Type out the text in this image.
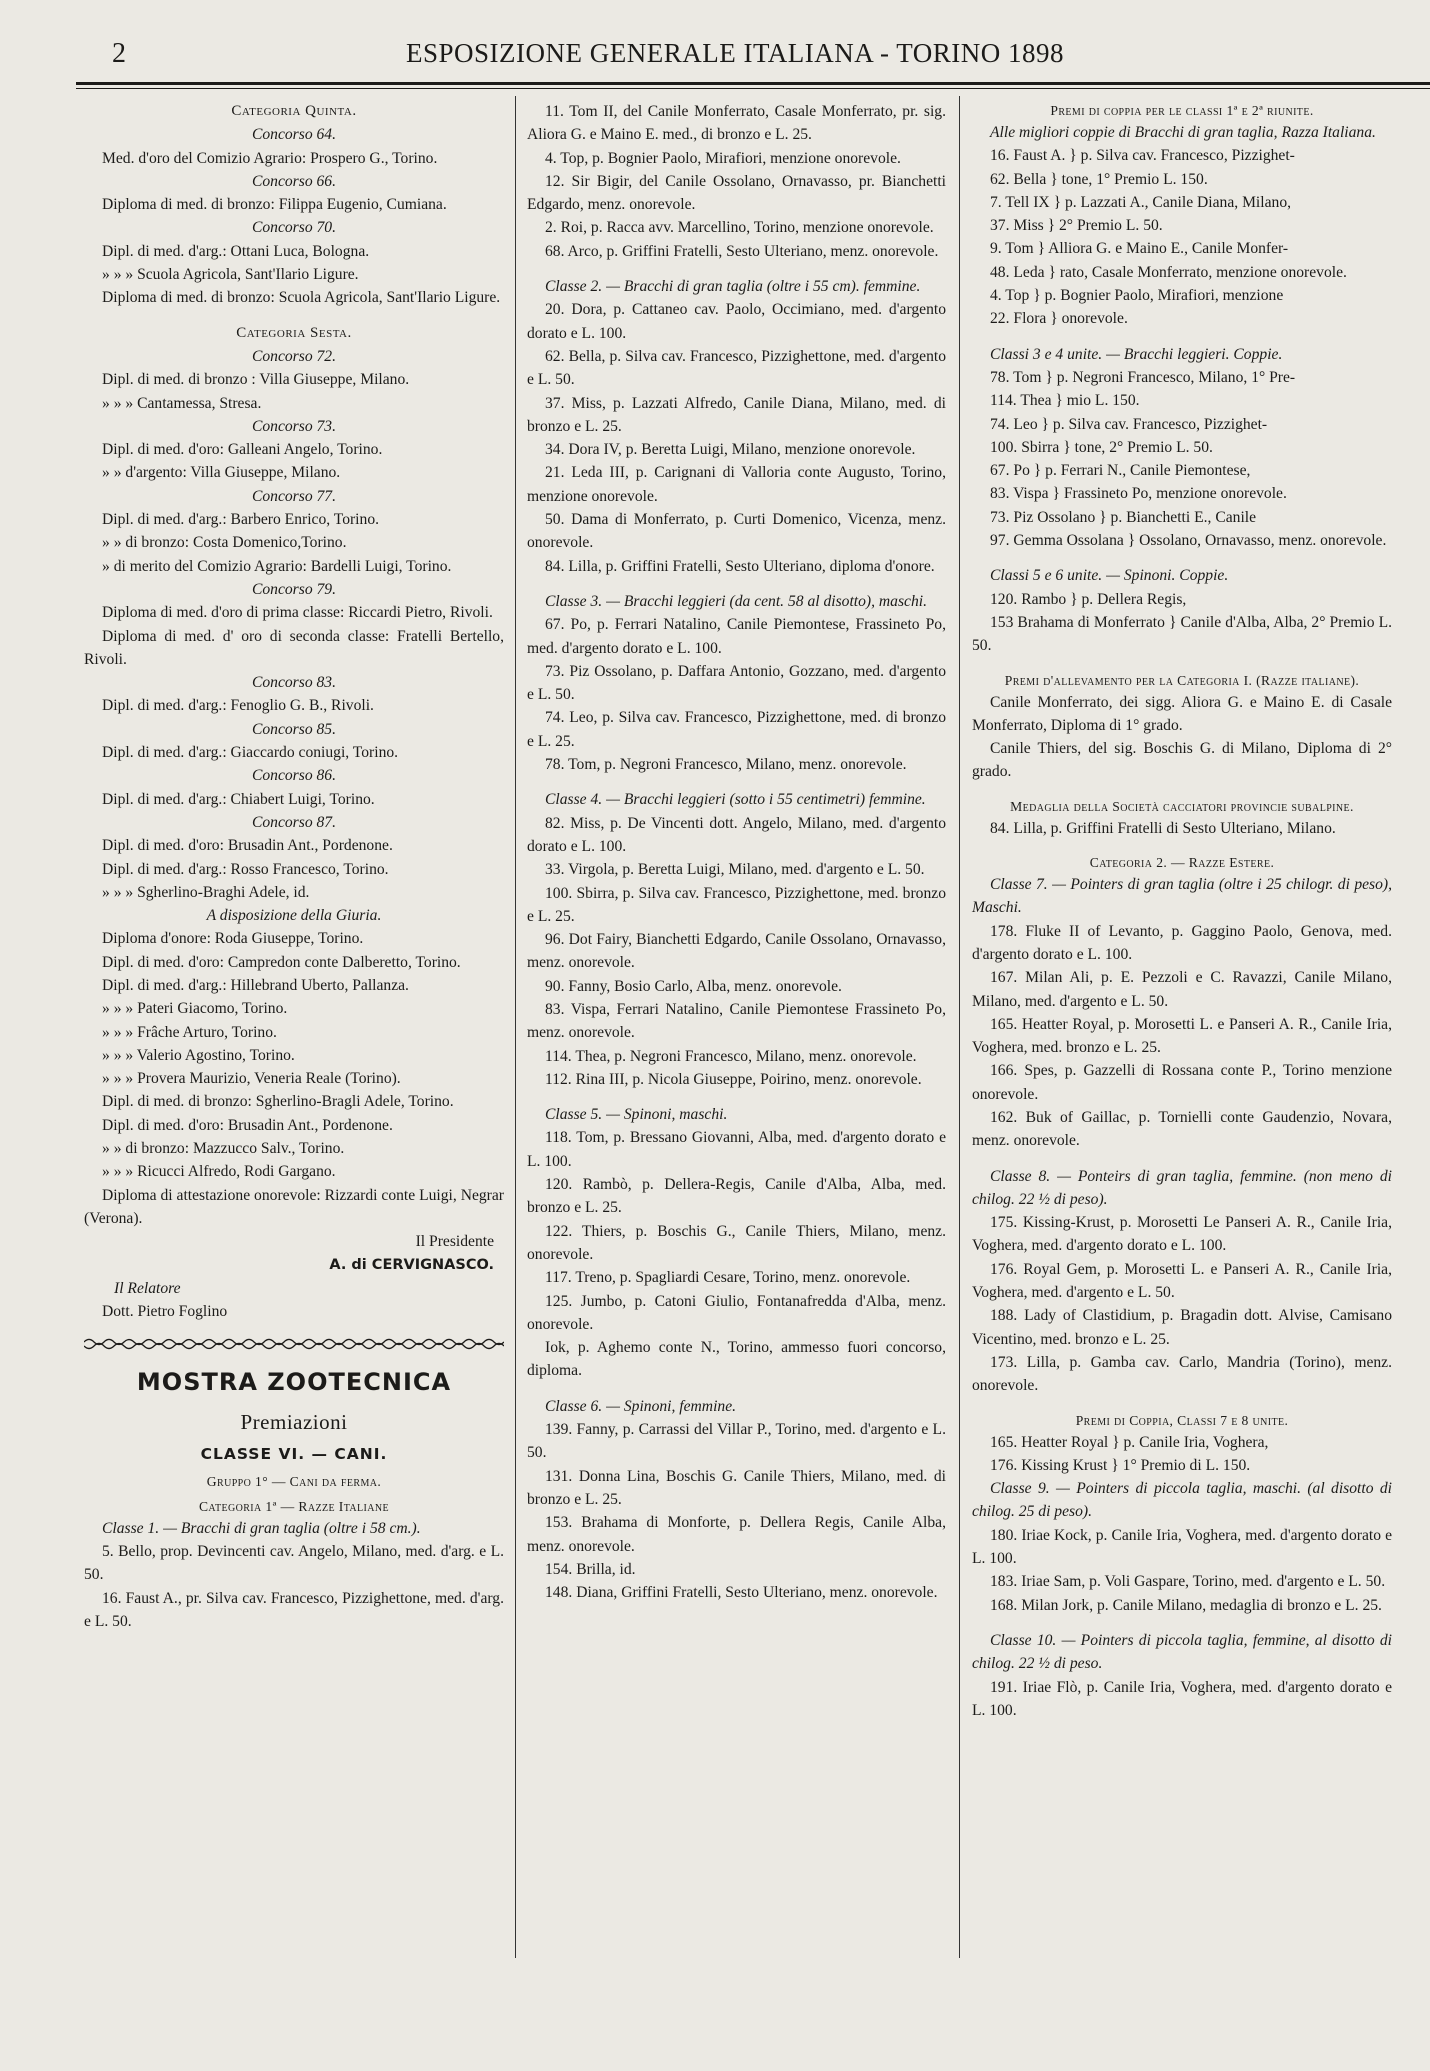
2	ESPOSIZIONE GENERALE ITALIANA - TORINO 1898

Categoria Quinta.

Concorso 64.

Med. d'oro del Comizio Agrario: Prospero G., Torino.

Concorso 66.

Diploma di med. di bronzo: Filippa Eugenio, Cumiana.

Concorso 70.

Dipl. di med. d'arg.: Ottani Luca, Bologna.

» » » Scuola Agricola, Sant'Ilario Ligure.

Diploma di med. di bronzo: Scuola Agricola, Sant'Ilario Ligure.

Categoria Sesta.

Concorso 72.

Dipl. di med. di bronzo : Villa Giuseppe, Milano.

» » » Cantamessa, Stresa.

Concorso 73.

Dipl. di med. d'oro: Galleani Angelo, Torino.

» » d'argento: Villa Giuseppe, Milano.

Concorso 77.

Dipl. di med. d'arg.: Barbero Enrico, Torino.

» » di bronzo: Costa Domenico,Torino.

» di merito del Comizio Agrario: Bardelli Luigi, Torino.

Concorso 79.

Diploma di med. d'oro di prima classe: Riccardi Pietro, Rivoli.

Diploma di med. d' oro di seconda classe: Fratelli Bertello, Rivoli.

Concorso 83.

Dipl. di med. d'arg.: Fenoglio G. B., Rivoli.

Concorso 85.

Dipl. di med. d'arg.: Giaccardo coniugi, Torino.

Concorso 86.

Dipl. di med. d'arg.: Chiabert Luigi, Torino.

Concorso 87.

Dipl. di med. d'oro: Brusadin Ant., Pordenone.

Dipl. di med. d'arg.: Rosso Francesco, Torino.

» » » Sgherlino-Braghi Adele, id.

A disposizione della Giuria.

Diploma d'onore: Roda Giuseppe, Torino.

Dipl. di med. d'oro: Campredon conte Dalberetto, Torino.

Dipl. di med. d'arg.: Hillebrand Uberto, Pallanza.

» » » Pateri Giacomo, Torino.

» » » Frâche Arturo, Torino.

» » » Valerio Agostino, Torino.

» » » Provera Maurizio, Veneria Reale (Torino).

Dipl. di med. di bronzo: Sgherlino-Bragli Adele, Torino.

Dipl. di med. d'oro: Brusadin Ant., Pordenone.

» » di bronzo: Mazzucco Salv., Torino.

» » » Ricucci Alfredo, Rodi Gargano.

Diploma di attestazione onorevole: Rizzardi conte Luigi, Negrar (Verona).

Il Presidente

A. di CERVIGNASCO.

Il Relatore

Dott. Pietro Foglino

MOSTRA ZOOTECNICA
Premiazioni
CLASSE VI. — CANI.

Gruppo 1° — Cani da ferma.

Categoria 1ª — Razze Italiane

Classe 1. — Bracchi di gran taglia (oltre i 58 cm.).

5. Bello, prop. Devincenti cav. Angelo, Milano, med. d'arg. e L. 50.

16. Faust A., pr. Silva cav. Francesco, Pizzighettone, med. d'arg. e L. 50.

11. Tom II, del Canile Monferrato, Casale Monferrato, pr. sig. Aliora G. e Maino E. med., di bronzo e L. 25.

4. Top, p. Bognier Paolo, Mirafiori, menzione onorevole.

12. Sir Bigir, del Canile Ossolano, Ornavasso, pr. Bianchetti Edgardo, menz. onorevole.

2. Roi, p. Racca avv. Marcellino, Torino, menzione onorevole.

68. Arco, p. Griffini Fratelli, Sesto Ulteriano, menz. onorevole.

Classe 2. — Bracchi di gran taglia (oltre i 55 cm). femmine.

20. Dora, p. Cattaneo cav. Paolo, Occimiano, med. d'argento dorato e L. 100.

62. Bella, p. Silva cav. Francesco, Pizzighettone, med. d'argento e L. 50.

37. Miss, p. Lazzati Alfredo, Canile Diana, Milano, med. di bronzo e L. 25.

34. Dora IV, p. Beretta Luigi, Milano, menzione onorevole.

21. Leda III, p. Carignani di Valloria conte Augusto, Torino, menzione onorevole.

50. Dama di Monferrato, p. Curti Domenico, Vicenza, menz. onorevole.

84. Lilla, p. Griffini Fratelli, Sesto Ulteriano, diploma d'onore.

Classe 3. — Bracchi leggieri (da cent. 58 al disotto), maschi.

67. Po, p. Ferrari Natalino, Canile Piemontese, Frassineto Po, med. d'argento dorato e L. 100.

73. Piz Ossolano, p. Daffara Antonio, Gozzano, med. d'argento e L. 50.

74. Leo, p. Silva cav. Francesco, Pizzighettone, med. di bronzo e L. 25.

78. Tom, p. Negroni Francesco, Milano, menz. onorevole.

Classe 4. — Bracchi leggieri (sotto i 55 centimetri) femmine.

82. Miss, p. De Vincenti dott. Angelo, Milano, med. d'argento dorato e L. 100.

33. Virgola, p. Beretta Luigi, Milano, med. d'argento e L. 50.

100. Sbirra, p. Silva cav. Francesco, Pizzighettone, med. bronzo e L. 25.

96. Dot Fairy, Bianchetti Edgardo, Canile Ossolano, Ornavasso, menz. onorevole.

90. Fanny, Bosio Carlo, Alba, menz. onorevole.

83. Vispa, Ferrari Natalino, Canile Piemontese Frassineto Po, menz. onorevole.

114. Thea, p. Negroni Francesco, Milano, menz. onorevole.

112. Rina III, p. Nicola Giuseppe, Poirino, menz. onorevole.

Classe 5. — Spinoni, maschi.

118. Tom, p. Bressano Giovanni, Alba, med. d'argento dorato e L. 100.

120. Rambò, p. Dellera-Regis, Canile d'Alba, Alba, med. bronzo e L. 25.

122. Thiers, p. Boschis G., Canile Thiers, Milano, menz. onorevole.

117. Treno, p. Spagliardi Cesare, Torino, menz. onorevole.

125. Jumbo, p. Catoni Giulio, Fontanafredda d'Alba, menz. onorevole.

Iok, p. Aghemo conte N., Torino, ammesso fuori concorso, diploma.

Classe 6. — Spinoni, femmine.

139. Fanny, p. Carrassi del Villar P., Torino, med. d'argento e L. 50.

131. Donna Lina, Boschis G. Canile Thiers, Milano, med. di bronzo e L. 25.

153. Brahama di Monforte, p. Dellera Regis, Canile Alba, menz. onorevole.

154. Brilla, id.

148. Diana, Griffini Fratelli, Sesto Ulteriano, menz. onorevole.

Premi di coppia per le classi 1ª e 2ª riunite.

Alle migliori coppie di Bracchi di gran taglia, Razza Italiana.

16. Faust A. } p. Silva cav. Francesco, Pizzighet-

62. Bella } tone, 1° Premio L. 150.

7. Tell IX } p. Lazzati A., Canile Diana, Milano,

37. Miss } 2° Premio L. 50.

9. Tom } Alliora G. e Maino E., Canile Monfer-

48. Leda } rato, Casale Monferrato, menzione onorevole.

4. Top } p. Bognier Paolo, Mirafiori, menzione

22. Flora } onorevole.

Classi 3 e 4 unite. — Bracchi leggieri. Coppie.

78. Tom } p. Negroni Francesco, Milano, 1° Pre-

114. Thea } mio L. 150.

74. Leo } p. Silva cav. Francesco, Pizzighet-

100. Sbirra } tone, 2° Premio L. 50.

67. Po } p. Ferrari N., Canile Piemontese,

83. Vispa } Frassineto Po, menzione onorevole.

73. Piz Ossolano } p. Bianchetti E., Canile

97. Gemma Ossolana } Ossolano, Ornavasso, menz. onorevole.

Classi 5 e 6 unite. — Spinoni. Coppie.

120. Rambo } p. Dellera Regis,

153 Brahama di Monferrato } Canile d'Alba, Alba, 2° Premio L. 50.

Premi d'allevamento per la Categoria I. (Razze italiane).

Canile Monferrato, dei sigg. Aliora G. e Maino E. di Casale Monferrato, Diploma di 1° grado.

Canile Thiers, del sig. Boschis G. di Milano, Diploma di 2° grado.

Medaglia della Società cacciatori provincie subalpine.

84. Lilla, p. Griffini Fratelli di Sesto Ulteriano, Milano.

Categoria 2. — Razze Estere.

Classe 7. — Pointers di gran taglia (oltre i 25 chilogr. di peso), Maschi.

178. Fluke II of Levanto, p. Gaggino Paolo, Genova, med. d'argento dorato e L. 100.

167. Milan Ali, p. E. Pezzoli e C. Ravazzi, Canile Milano, Milano, med. d'argento e L. 50.

165. Heatter Royal, p. Morosetti L. e Panseri A. R., Canile Iria, Voghera, med. bronzo e L. 25.

166. Spes, p. Gazzelli di Rossana conte P., Torino menzione onorevole.

162. Buk of Gaillac, p. Tornielli conte Gaudenzio, Novara, menz. onorevole.

Classe 8. — Ponteirs di gran taglia, femmine. (non meno di chilog. 22 ½ di peso).

175. Kissing-Krust, p. Morosetti Le Panseri A. R., Canile Iria, Voghera, med. d'argento dorato e L. 100.

176. Royal Gem, p. Morosetti L. e Panseri A. R., Canile Iria, Voghera, med. d'argento e L. 50.

188. Lady of Clastidium, p. Bragadin dott. Alvise, Camisano Vicentino, med. bronzo e L. 25.

173. Lilla, p. Gamba cav. Carlo, Mandria (Torino), menz. onorevole.

Premi di Coppia, Classi 7 e 8 unite.

165. Heatter Royal } p. Canile Iria, Voghera,

176. Kissing Krust } 1° Premio di L. 150.

Classe 9. — Pointers di piccola taglia, maschi. (al disotto di chilog. 25 di peso).

180. Iriae Kock, p. Canile Iria, Voghera, med. d'argento dorato e L. 100.

183. Iriae Sam, p. Voli Gaspare, Torino, med. d'argento e L. 50.

168. Milan Jork, p. Canile Milano, medaglia di bronzo e L. 25.

Classe 10. — Pointers di piccola taglia, femmine, al disotto di chilog. 22 ½ di peso.

191. Iriae Flò, p. Canile Iria, Voghera, med. d'argento dorato e L. 100.
